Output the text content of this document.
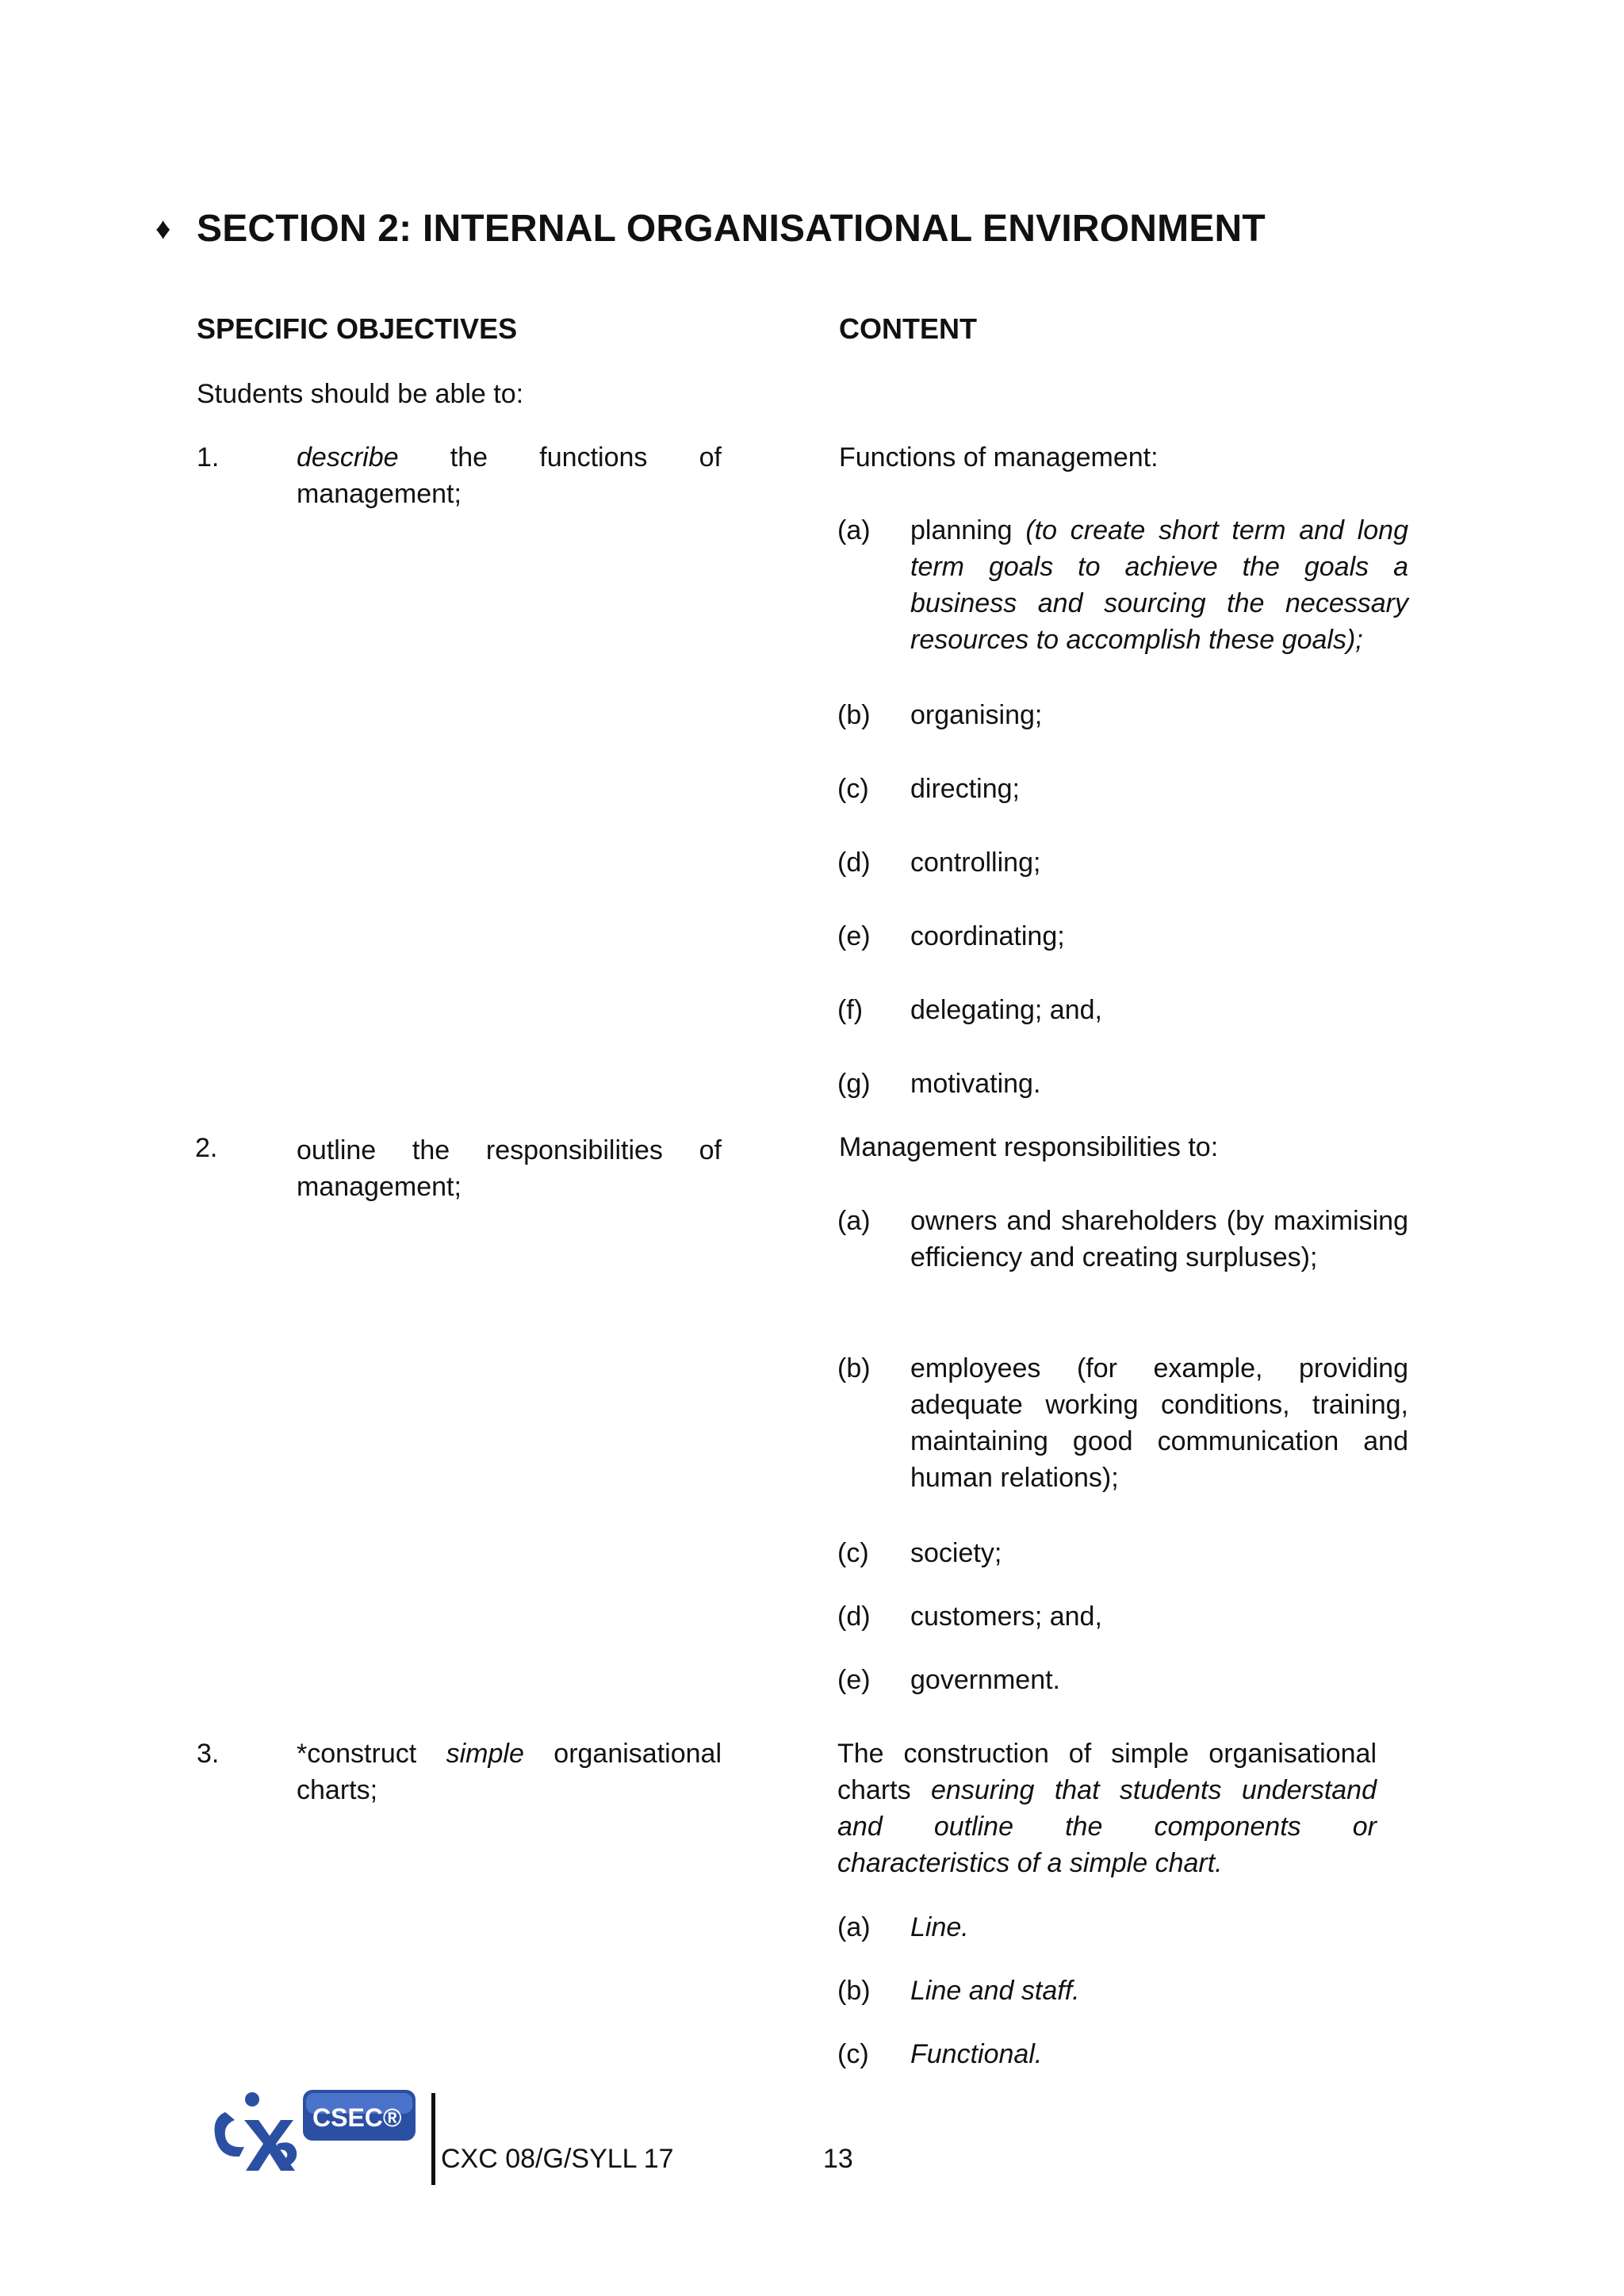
♦ SECTION 2: INTERNAL ORGANISATIONAL ENVIRONMENT
SPECIFIC OBJECTIVES	CONTENT
Students should be able to:
1.	describe the functions of management;
Functions of management:
(a)	planning (to create short term and long term goals to achieve the goals a business and sourcing the necessary resources to accomplish these goals);
(b)	organising;
(c)	directing;
(d)	controlling;
(e)	coordinating;
(f)	delegating; and,
(g)	motivating.
2.	outline the responsibilities of management;
Management responsibilities to:
(a)	owners and shareholders (by maximising efficiency and creating surpluses);
(b)	employees (for example, providing adequate working conditions, training, maintaining good communication and human relations);
(c)	society;
(d)	customers; and,
(e)	government.
3.	*construct simple organisational charts;
The construction of simple organisational charts ensuring that students understand and outline the components or characteristics of a simple chart.
(a)	Line.
(b)	Line and staff.
(c)	Functional.
CSEC®
CXC 08/G/SYLL 17	13
